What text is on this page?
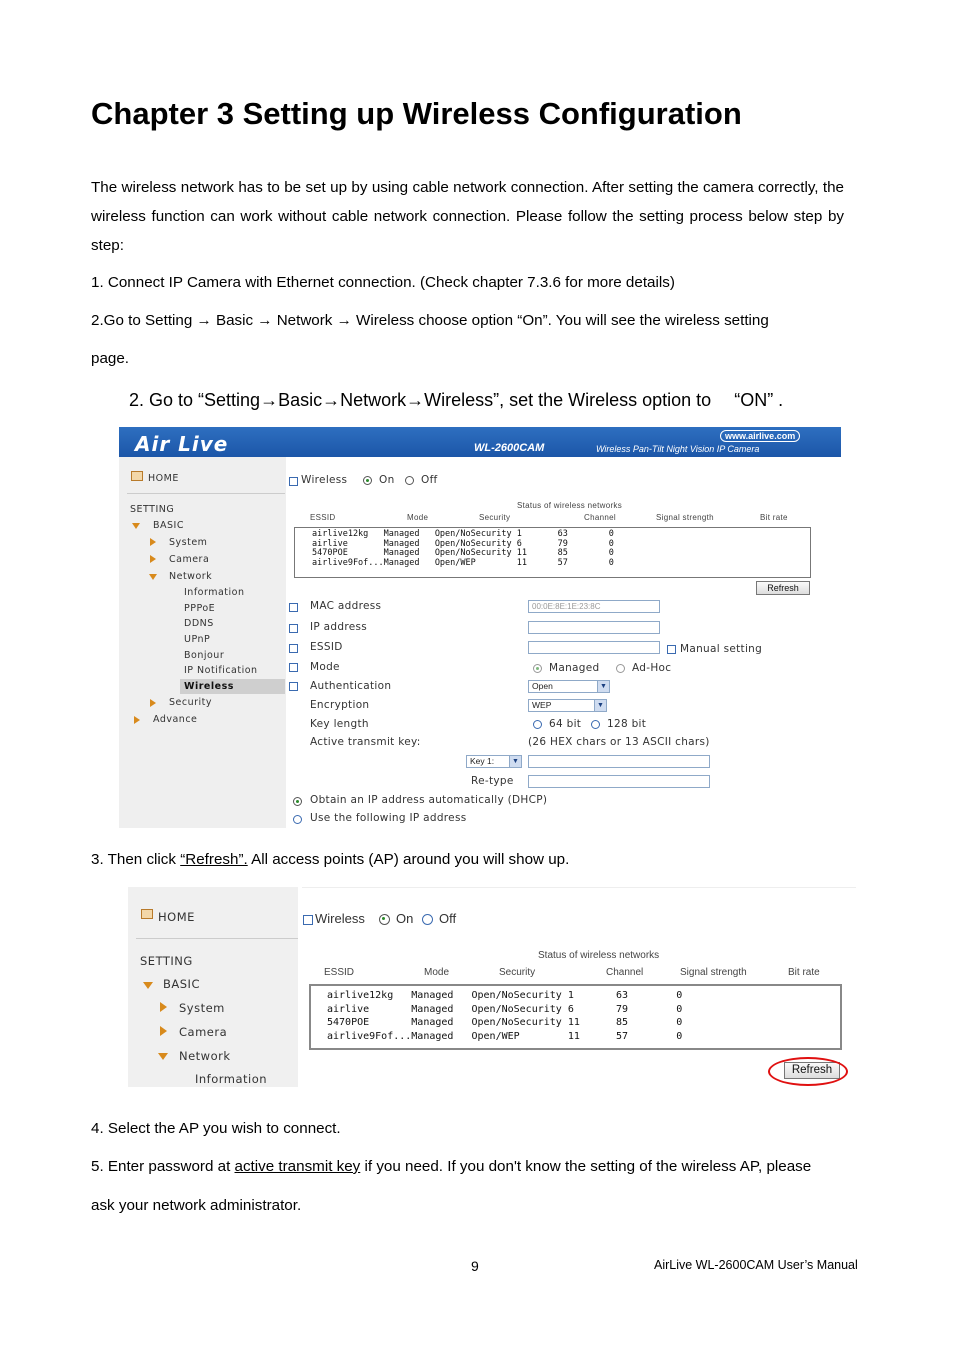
Chapter 3 Setting up Wireless Configuration
The wireless network has to be set up by using cable network connection. After setting the camera correctly, the wireless function can work without cable network connection. Please follow the setting process below step by step:
1. Connect IP Camera with Ethernet connection. (Check chapter 7.3.6 for more details)
2.Go to Setting → Basic → Network → Wireless choose option “On”. You will see the wireless setting
page.
2. Go to “Setting→Basic→Network→Wireless”, set the Wireless option to 　“ON” .
Air Live	WL-2600CAM	Wireless Pan-Tilt Night Vision IP Camera
www.airlive.com
HOME
SETTING
BASIC
System
Camera
Network
Information
PPPoE
DDNS
UPnP
Bonjour
IP Notification
Wireless
Security
Advance
Wireless	On	Off
Status of wireless networks
ESSID	Mode	Security	Channel	Signal strength	Bit rate
airlive12kg   Managed   Open/NoSecurity 1       63        0
airlive       Managed   Open/NoSecurity 6       79        0
5470POE       Managed   Open/NoSecurity 11      85        0
airlive9Fof...Managed   Open/WEP        11      57        0
Refresh
MAC address	00:0E:8E:1E:23:8C
IP address
ESSID	Manual setting
Mode	Managed	Ad-Hoc
Authentication	Open	▼
Encryption	WEP	▼
Key length	64 bit 128 bit
Active transmit key:	(26 HEX chars or 13 ASCII chars)
Key 1:	▼
Re-type
Obtain an IP address automatically (DHCP)
Use the following IP address
3. Then click “Refresh”. All access points (AP) around you will show up.
HOME
SETTING
BASIC
System
Camera
Network
Information
Wireless On Off
Status of wireless networks
ESSID	Mode	Security	Channel	Signal strength	Bit rate
airlive12kg   Managed   Open/NoSecurity 1       63        0
airlive       Managed   Open/NoSecurity 6       79        0
5470POE       Managed   Open/NoSecurity 11      85        0
airlive9Fof...Managed   Open/WEP        11      57        0
Refresh
4. Select the AP you wish to connect.
5. Enter password at active transmit key if you need. If you don't know the setting of the wireless AP, please
ask your network administrator.
9	AirLive WL-2600CAM User’s Manual
